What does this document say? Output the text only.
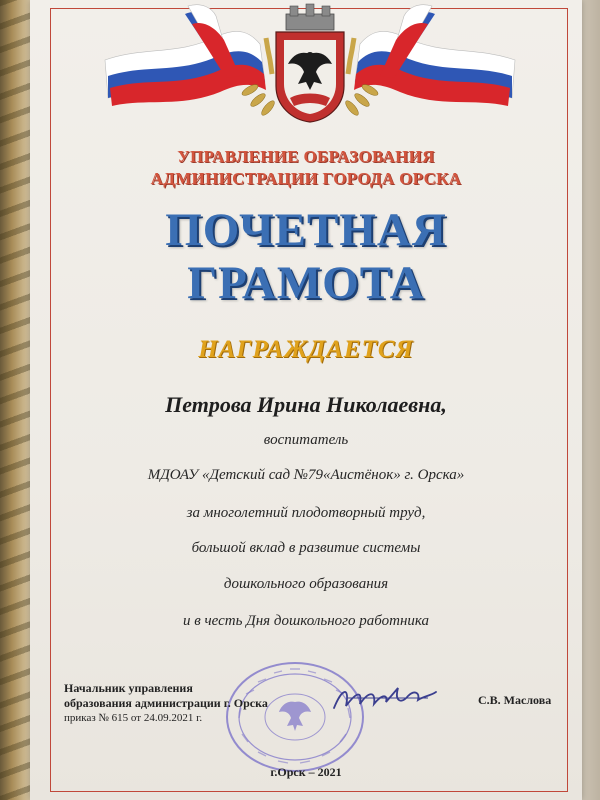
УПРАВЛЕНИЕ ОБРАЗОВАНИЯ
АДМИНИСТРАЦИИ ГОРОДА ОРСКА
ПОЧЕТНАЯ
ГРАМОТА
НАГРАЖДАЕТСЯ
Петрова Ирина Николаевна,
воспитатель
МДОАУ «Детский сад №79«Аистёнок» г. Орска»
за многолетний плодотворный труд,
большой вклад в развитие системы
дошкольного образования
и в честь Дня дошкольного работника
Начальник управления
образования администрации г. Орска
приказ № 615 от 24.09.2021 г.
С.В. Маслова
г.Орск – 2021
